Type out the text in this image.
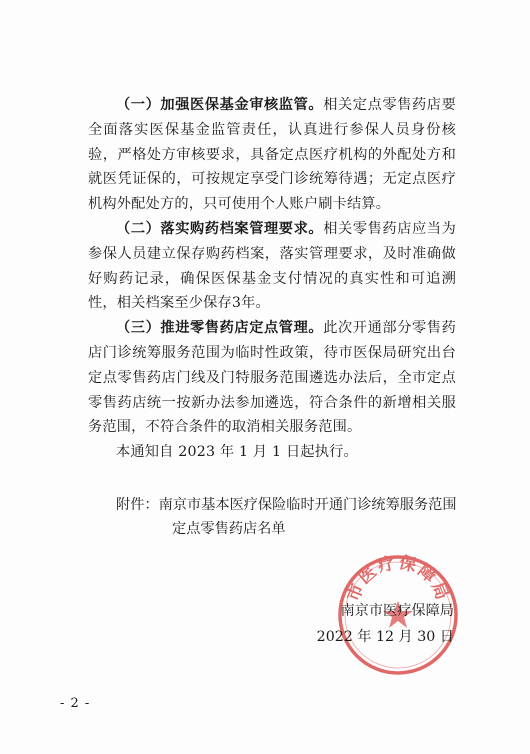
（一）加强医保基金审核监管。相关定点零售药店要全面落实医保基金监管责任，认真进行参保人员身份核验，严格处方审核要求，具备定点医疗机构的外配处方和就医凭证保的，可按规定享受门诊统筹待遇；无定点医疗机构外配处方的，只可使用个人账户刷卡结算。

（二）落实购药档案管理要求。相关零售药店应当为参保人员建立保存购药档案，落实管理要求，及时准确做好购药记录，确保医保基金支付情况的真实性和可追溯性，相关档案至少保存3年。

（三）推进零售药店定点管理。此次开通部分零售药店门诊统筹服务范围为临时性政策，待市医保局研究出台定点零售药店门线及门特服务范围遴选办法后，全市定点零售药店统一按新办法参加遴选，符合条件的新增相关服务范围，不符合条件的取消相关服务范围。

本通知自 2023 年 1 月 1 日起执行。

附件：南京市基本医疗保险临时开通门诊统筹服务范围
定点零售药店名单
市医疗保障局
南京市医疗保障局
2022 年 12 月 30 日
- 2 -
